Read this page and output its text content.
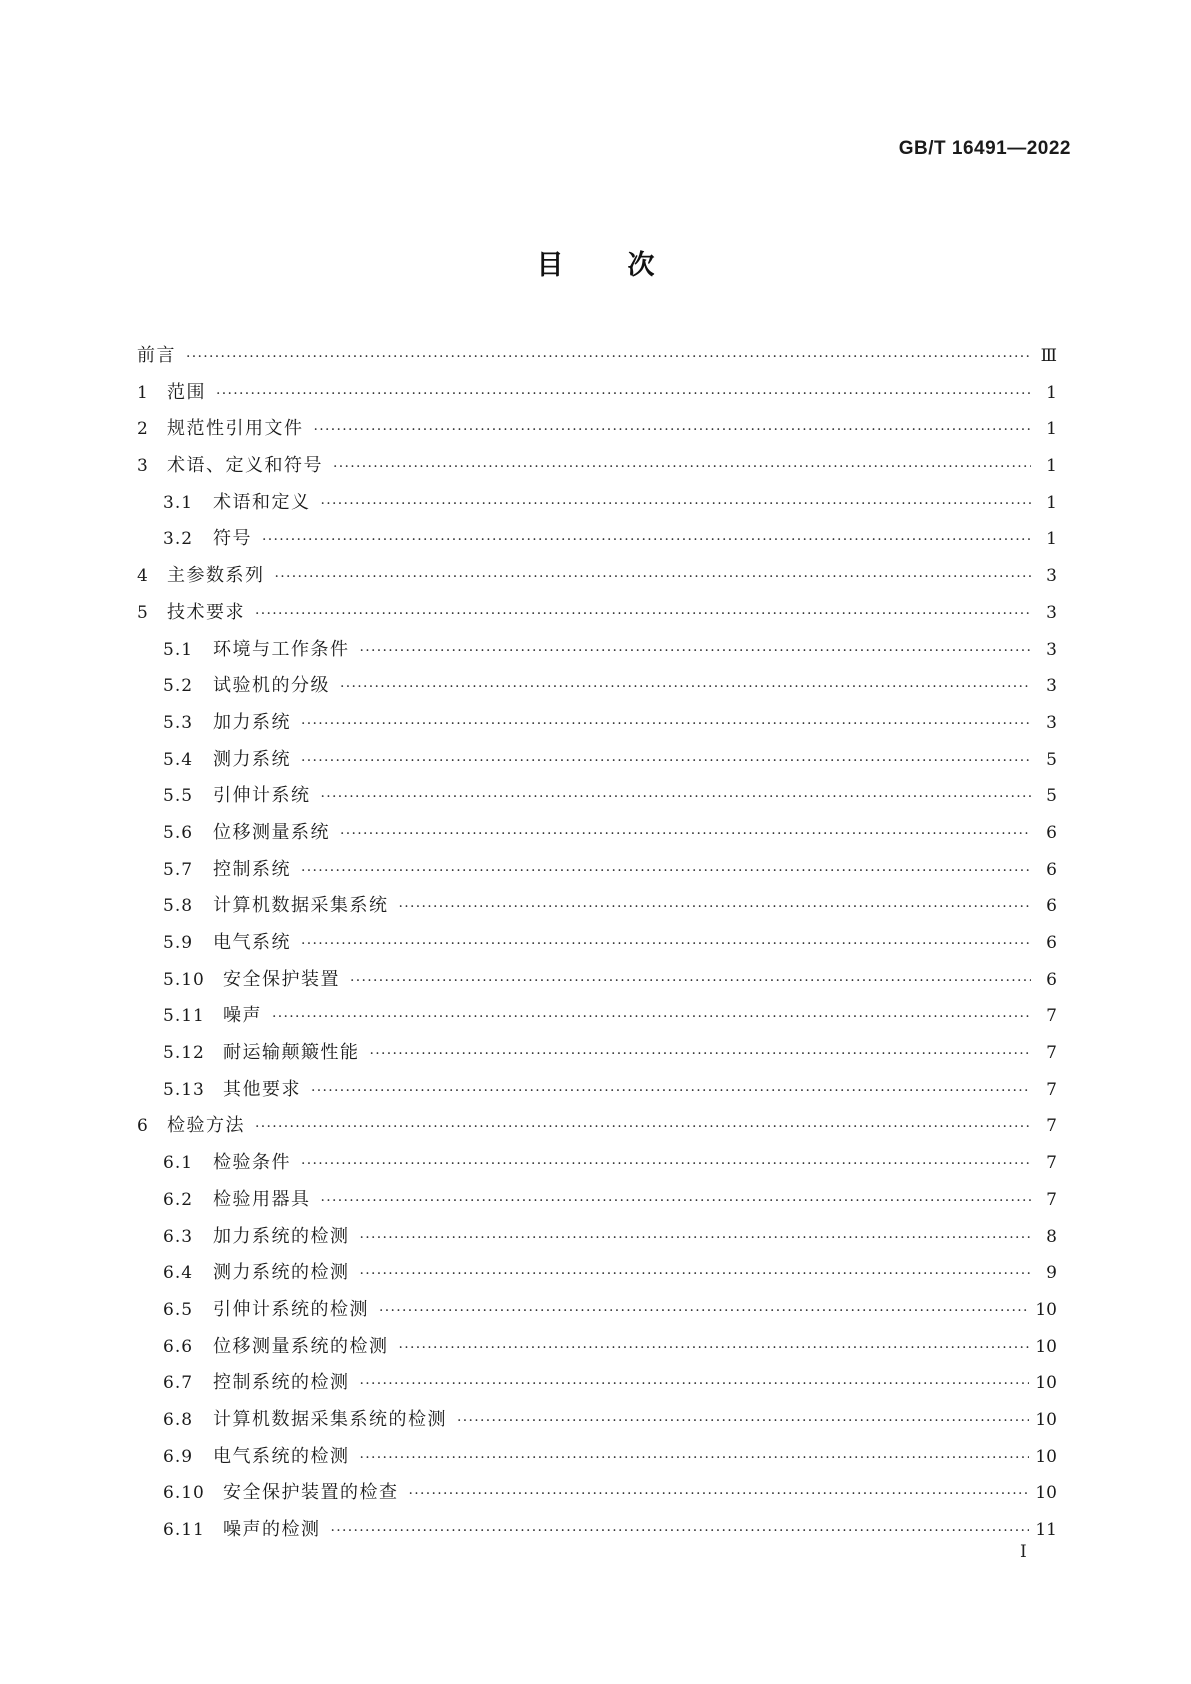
GB/T 16491—2022
目 次
前言 ·····	Ⅲ
1	范围 ·····	1
2	规范性引用文件 ·····	1
3	术语、定义和符号 ·····	1
3.1	术语和定义 ·····	1
3.2	符号 ·····	1
4	主参数系列 ·····	3
5	技术要求 ·····	3
5.1	环境与工作条件 ·····	3
5.2	试验机的分级 ·····	3
5.3	加力系统 ·····	3
5.4	测力系统 ·····	5
5.5	引伸计系统 ·····	5
5.6	位移测量系统 ·····	6
5.7	控制系统 ·····	6
5.8	计算机数据采集系统 ·····	6
5.9	电气系统 ·····	6
5.10	安全保护装置 ·····	6
5.11	噪声 ·····	7
5.12	耐运输颠簸性能 ·····	7
5.13	其他要求 ·····	7
6	检验方法 ·····	7
6.1	检验条件 ·····	7
6.2	检验用器具 ·····	7
6.3	加力系统的检测 ·····	8
6.4	测力系统的检测 ·····	9
6.5	引伸计系统的检测 ·····	10
6.6	位移测量系统的检测 ·····	10
6.7	控制系统的检测 ·····	10
6.8	计算机数据采集系统的检测 ·····	10
6.9	电气系统的检测 ·····	10
6.10	安全保护装置的检查 ·····	10
6.11	噪声的检测 ·····	11
Ⅰ
